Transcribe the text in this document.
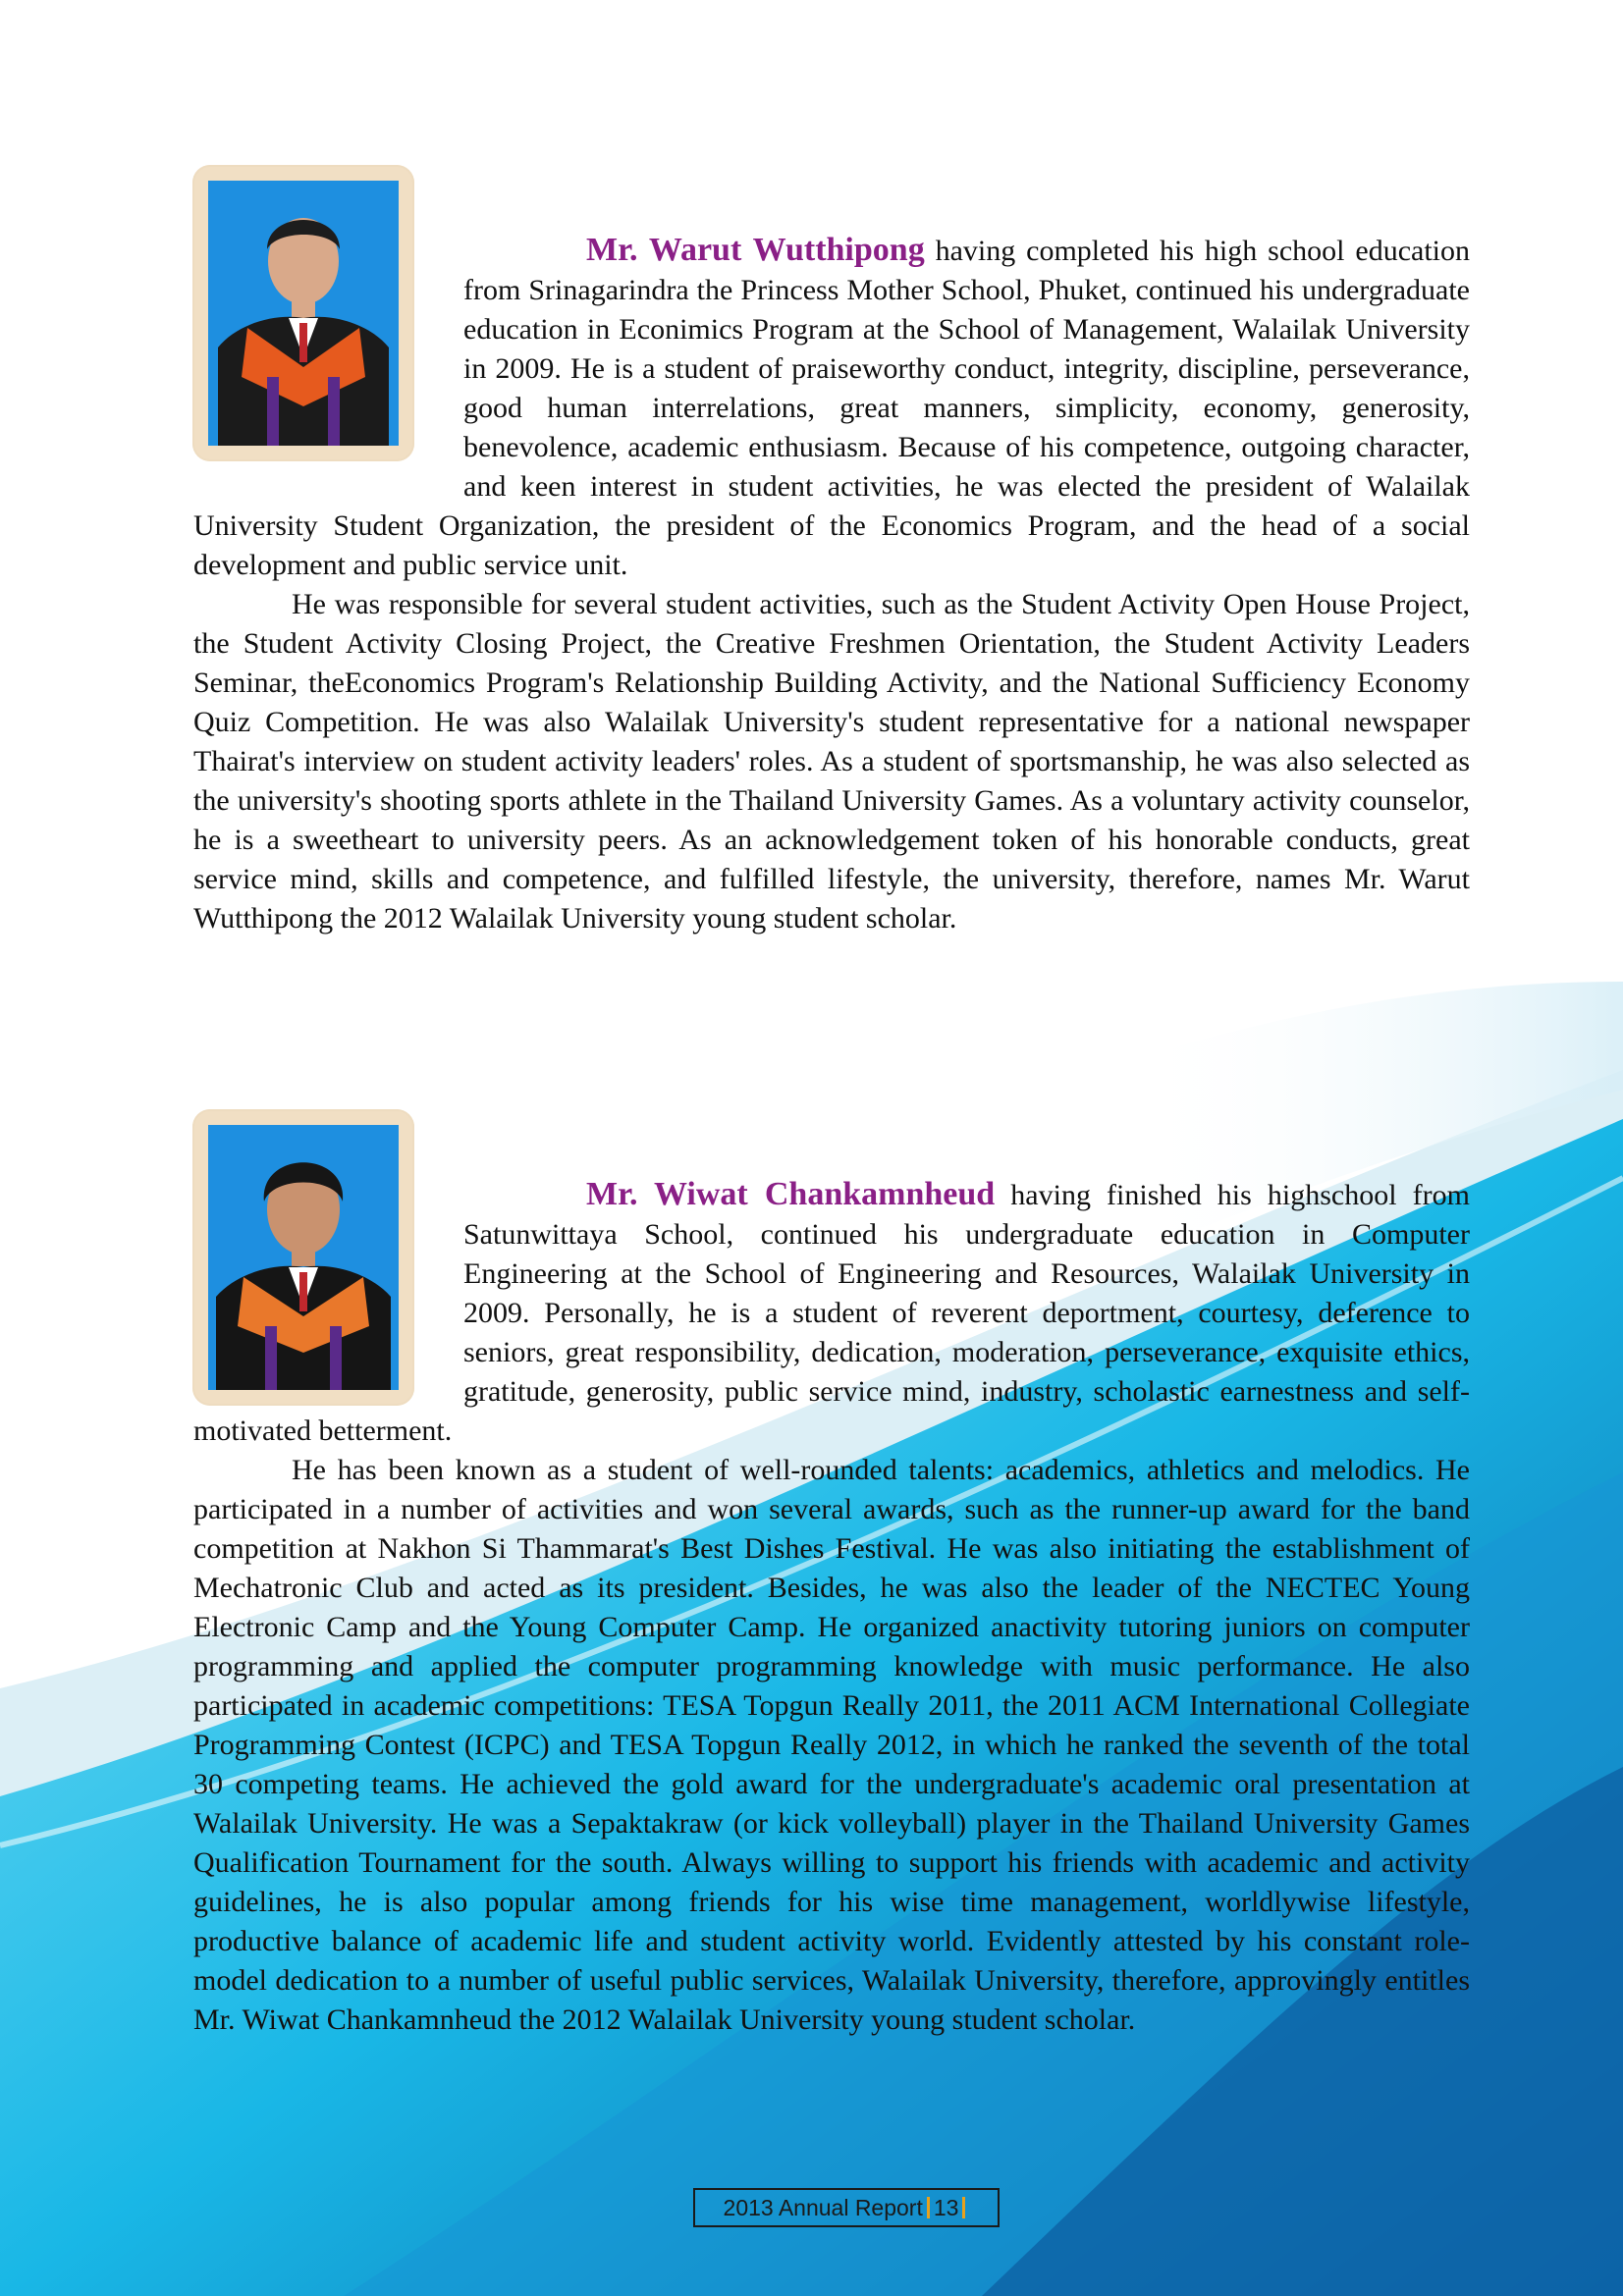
Mr. Warut Wutthipong having completed his high school education from Srinagarindra the Princess Mother School, Phuket, continued his undergraduate education in Econimics Program at the School of Management, Walailak University in 2009. He is a student of praiseworthy conduct, integrity, discipline, perseverance, good human interrelations, great manners, simplicity, economy, generosity, benevolence, academic enthusiasm. Because of his competence, outgoing character, and keen interest in student activities, he was elected the president of Walailak University Student Organization, the president of the Economics Program, and the head of a social development and public service unit.

He was responsible for several student activities, such as the Student Activity Open House Project, the Student Activity Closing Project, the Creative Freshmen Orientation, the Student Activity Leaders Seminar, theEconomics Program's Relationship Building Activity, and the National Sufficiency Economy Quiz Competition. He was also Walailak University's student representative for a national newspaper Thairat's interview on student activity leaders' roles. As a student of sportsmanship, he was also selected as the university's shooting sports athlete in the Thailand University Games. As a voluntary activity counselor, he is a sweetheart to university peers. As an acknowledgement token of his honorable conducts, great service mind, skills and competence, and fulfilled lifestyle, the university, therefore, names Mr. Warut Wutthipong the 2012 Walailak University young student scholar.

Mr. Wiwat Chankamnheud having finished his highschool from Satunwittaya School, continued his undergraduate education in Computer Engineering at the School of Engineering and Resources, Walailak University in 2009. Personally, he is a student of reverent deportment, courtesy, deference to seniors, great responsibility, dedication, moderation, perseverance, exquisite ethics, gratitude, generosity, public service mind, industry, scholastic earnestness and self-motivated betterment.

He has been known as a student of well-rounded talents: academics, athletics and melodics. He participated in a number of activities and won several awards, such as the runner-up award for the band competition at Nakhon Si Thammarat's Best Dishes Festival. He was also initiating the establishment of Mechatronic Club and acted as its president. Besides, he was also the leader of the NECTEC Young Electronic Camp and the Young Computer Camp. He organized anactivity tutoring juniors on computer programming and applied the computer programming knowledge with music performance. He also participated in academic competitions: TESA Topgun Really 2011, the 2011 ACM International Collegiate Programming Contest (ICPC) and TESA Topgun Really 2012, in which he ranked the seventh of the total 30 competing teams. He achieved the gold award for the undergraduate's academic oral presentation at Walailak University. He was a Sepaktakraw (or kick volleyball) player in the Thailand University Games Qualification Tournament for the south. Always willing to support his friends with academic and activity guidelines, he is also popular among friends for his wise time management, worldlywise lifestyle, productive balance of academic life and student activity world. Evidently attested by his constant role-model dedication to a number of useful public services, Walailak University, therefore, approvingly entitles Mr. Wiwat Chankamnheud the 2012 Walailak University young student scholar.

2013 Annual Report 13
